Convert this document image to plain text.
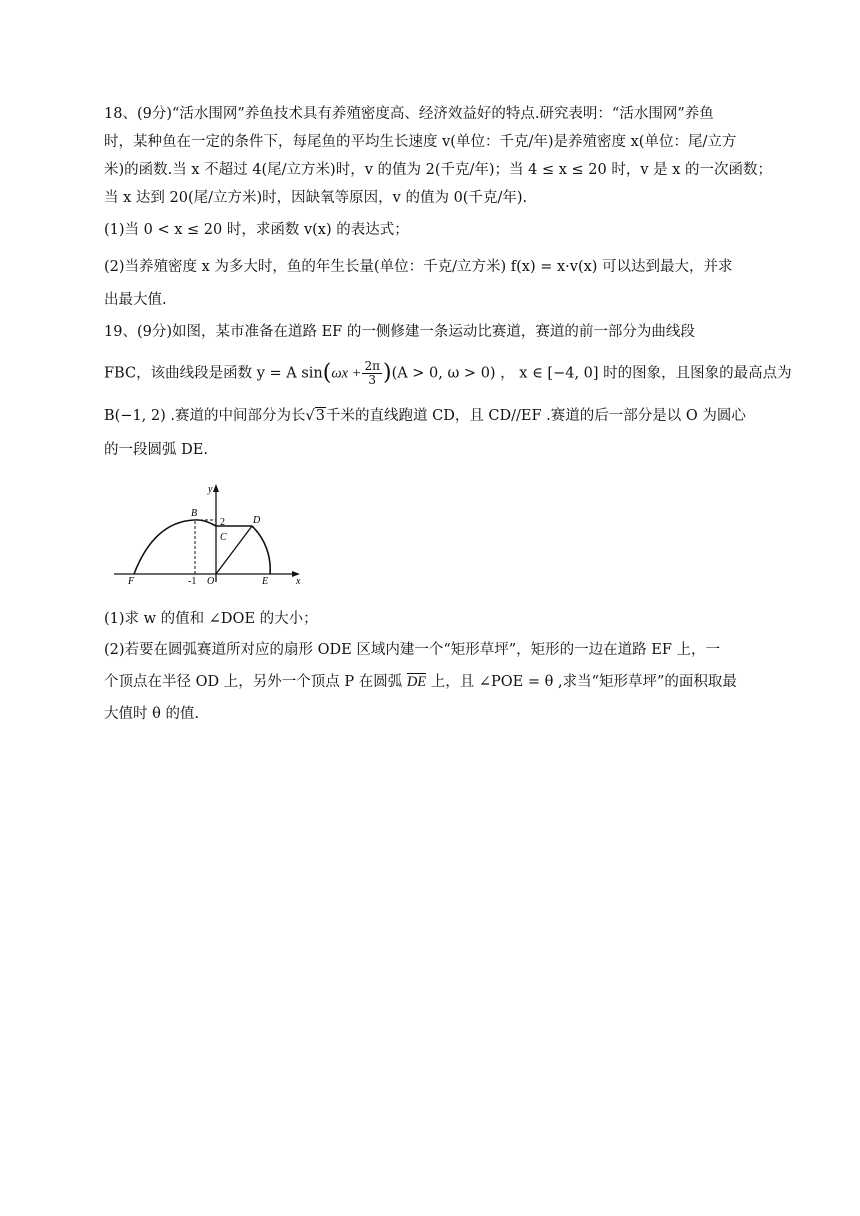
18、(9分)“活水围网”养鱼技术具有养殖密度高、经济效益好的特点.研究表明：“活水围网”养鱼
时，某种鱼在一定的条件下，每尾鱼的平均生长速度 v(单位：千克/年)是养殖密度 x(单位：尾/立方
米)的函数.当 x 不超过 4(尾/立方米)时，v 的值为 2(千克/年)；当 4 ≤ x ≤ 20 时，v 是 x 的一次函数；
当 x 达到 20(尾/立方米)时，因缺氧等原因，v 的值为 0(千克/年).
(1)当 0 < x ≤ 20 时，求函数 v(x) 的表达式；
(2)当养殖密度 x 为多大时，鱼的年生长量(单位：千克/立方米) f(x) = x·v(x) 可以达到最大，并求
出最大值.
19、(9分)如图，某市准备在道路 EF 的一侧修建一条运动比赛道，赛道的前一部分为曲线段
FBC，该曲线段是函数 y = A $\sin(\omega x + \frac{2\pi}{3} )(A > 0$, ω > 0) ， x ∈ [−4, 0] 时的图象，且图象的最高点为
B(−1, 2) .赛道的中间部分为长√3千米的直线跑道 CD，且 CD//EF .赛道的后一部分是以 O 为圆心
的一段圆弧 DE.
y
x
B
2	D
C
F	-1 O	E
(1)求 w 的值和 ∠DOE 的大小；
(2)若要在圆弧赛道所对应的扇形 ODE 区域内建一个“矩形草坪”，矩形的一边在道路 EF 上，一
个顶点在半径 OD 上，另外一个顶点 P 在圆弧 DE 上，且 ∠POE = θ ,求当“矩形草坪”的面积取最
大值时 θ 的值.
